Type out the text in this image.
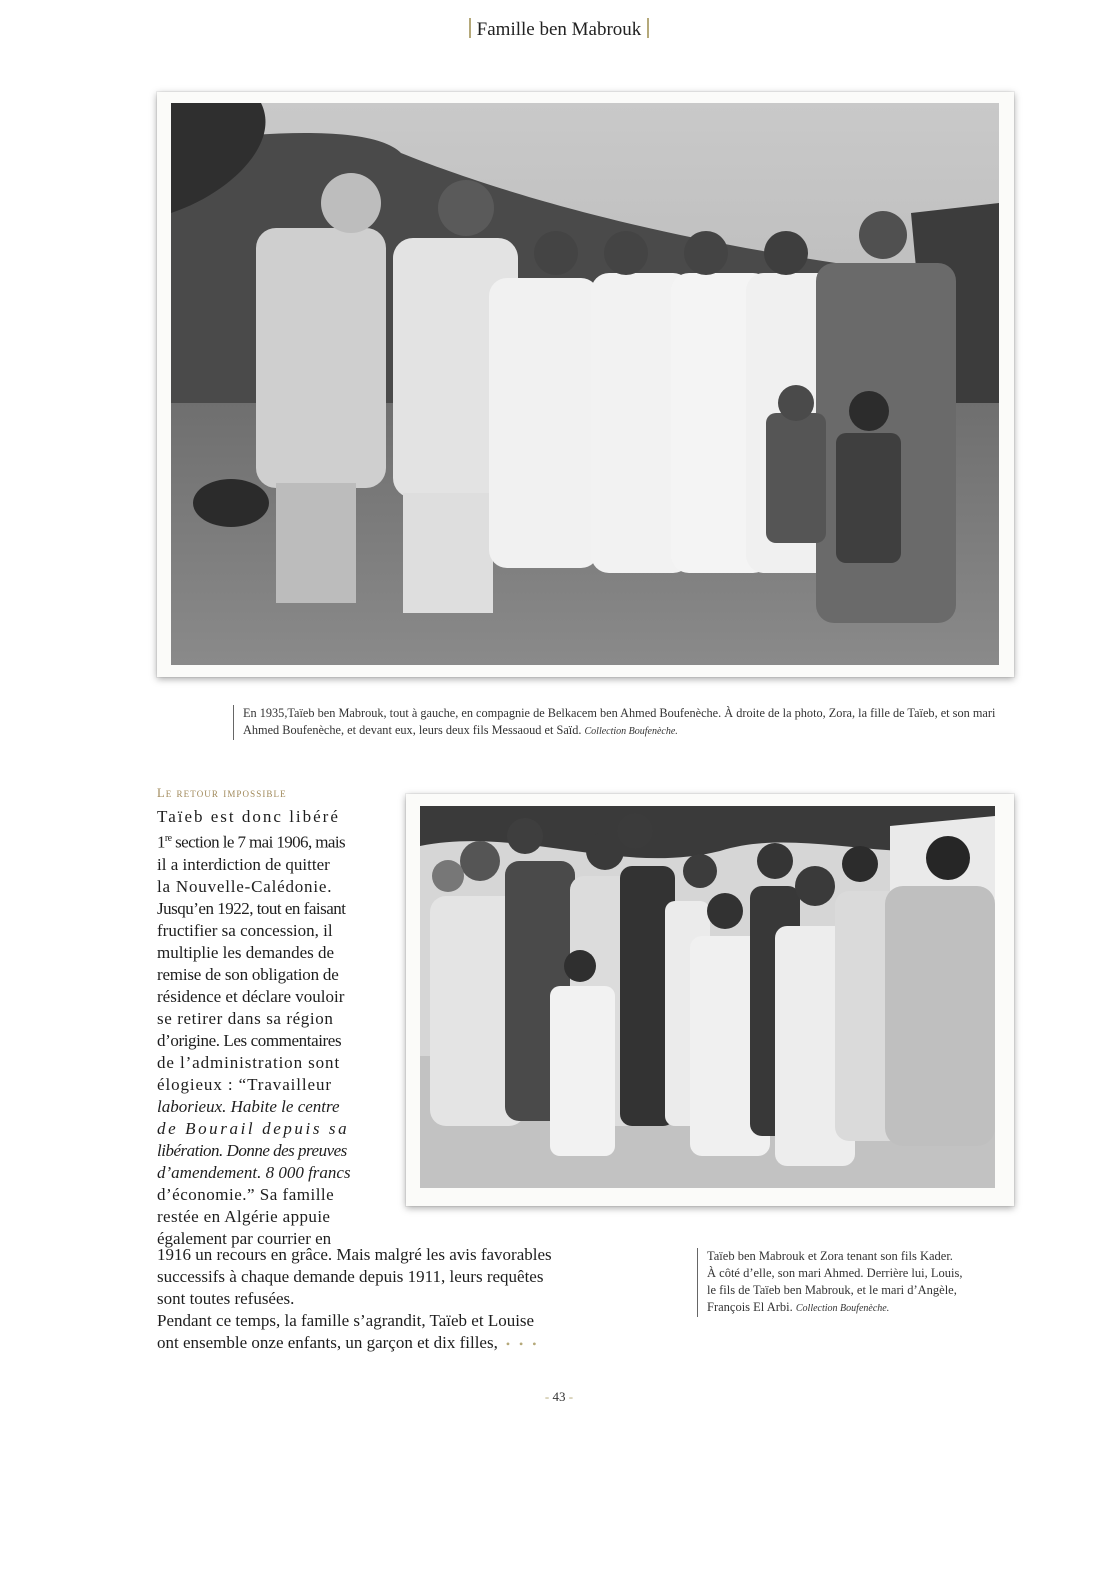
Famille ben Mabrouk
En 1935,Taïeb ben Mabrouk, tout à gauche, en compagnie de Belkacem ben Ahmed Boufenèche. À droite de la photo, Zora, la fille de Taïeb, et son mari Ahmed Boufenèche, et devant eux, leurs deux fils Messaoud et Saïd. Collection Boufenèche.
Le retour impossible

Taïeb est donc libéré

1re section le 7 mai 1906, mais

il a interdiction de quitter

la Nouvelle-Calédonie.

Jusqu’en 1922, tout en faisant

fructifier sa concession, il

multiplie les demandes de

remise de son obligation de

résidence et déclare vouloir

se retirer dans sa région

d’origine. Les commentaires

de l’administration sont

élogieux : “Travailleur

laborieux. Habite le centre

de Bourail depuis sa

libération. Donne des preuves

d’amendement. 8 000 francs

d’économie.” Sa famille

restée en Algérie appuie

également par courrier en

1916 un recours en grâce. Mais malgré les avis favorables

successifs à chaque demande depuis 1911, leurs requêtes

sont toutes refusées.

Pendant ce temps, la famille s’agrandit, Taïeb et Louise

ont ensemble onze enfants, un garçon et dix filles, • • •

Taïeb ben Mabrouk et Zora tenant son fils Kader.
À côté d’elle, son mari Ahmed. Derrière lui, Louis,
le fils de Taïeb ben Mabrouk, et le mari d’Angèle,
François El Arbi. Collection Boufenèche.
- 43 -
